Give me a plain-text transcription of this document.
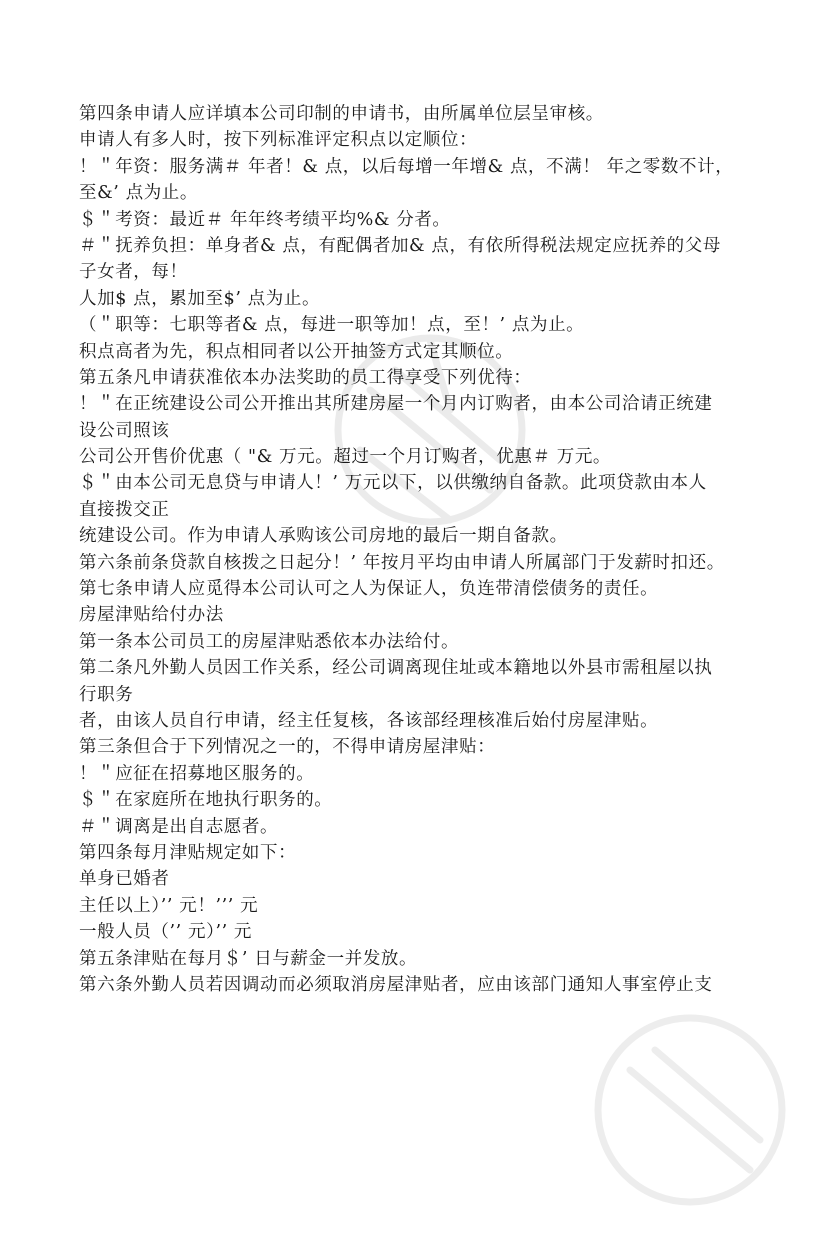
第四条申请人应详填本公司印制的申请书，由所属单位层呈审核。
申请人有多人时，按下列标准评定积点以定顺位：
！＂年资：服务满＃ 年者！& 点，以后每增一年增& 点，不满！ 年之零数不计，
至&’ 点为止。
＄＂考资：最近＃ 年年终考绩平均%& 分者。
＃＂抚养负担：单身者& 点，有配偶者加& 点，有依所得税法规定应抚养的父母
子女者，每！
人加$ 点，累加至$’ 点为止。
（＂职等：七职等者& 点，每进一职等加！点，至！’ 点为止。
积点高者为先，积点相同者以公开抽签方式定其顺位。
第五条凡申请获准依本办法奖助的员工得享受下列优待：
！＂在正统建设公司公开推出其所建房屋一个月内订购者，由本公司洽请正统建
设公司照该
公司公开售价优惠（ "& 万元。超过一个月订购者，优惠＃ 万元。
＄＂由本公司无息贷与申请人！’ 万元以下，以供缴纳自备款。此项贷款由本人
直接拨交正
统建设公司。作为申请人承购该公司房地的最后一期自备款。
第六条前条贷款自核拨之日起分！’ 年按月平均由申请人所属部门于发薪时扣还。
第七条申请人应觅得本公司认可之人为保证人，负连带清偿债务的责任。
房屋津贴给付办法
第一条本公司员工的房屋津贴悉依本办法给付。
第二条凡外勤人员因工作关系，经公司调离现住址或本籍地以外县市需租屋以执
行职务
者，由该人员自行申请，经主任复核，各该部经理核准后始付房屋津贴。
第三条但合于下列情况之一的，不得申请房屋津贴：
！＂应征在招募地区服务的。
＄＂在家庭所在地执行职务的。
＃＂调离是出自志愿者。
第四条每月津贴规定如下：
单身已婚者
主任以上）’’ 元！’’’ 元
一般人员（’’ 元）’’ 元
第五条津贴在每月＄’ 日与薪金一并发放。
第六条外勤人员若因调动而必须取消房屋津贴者，应由该部门通知人事室停止支
